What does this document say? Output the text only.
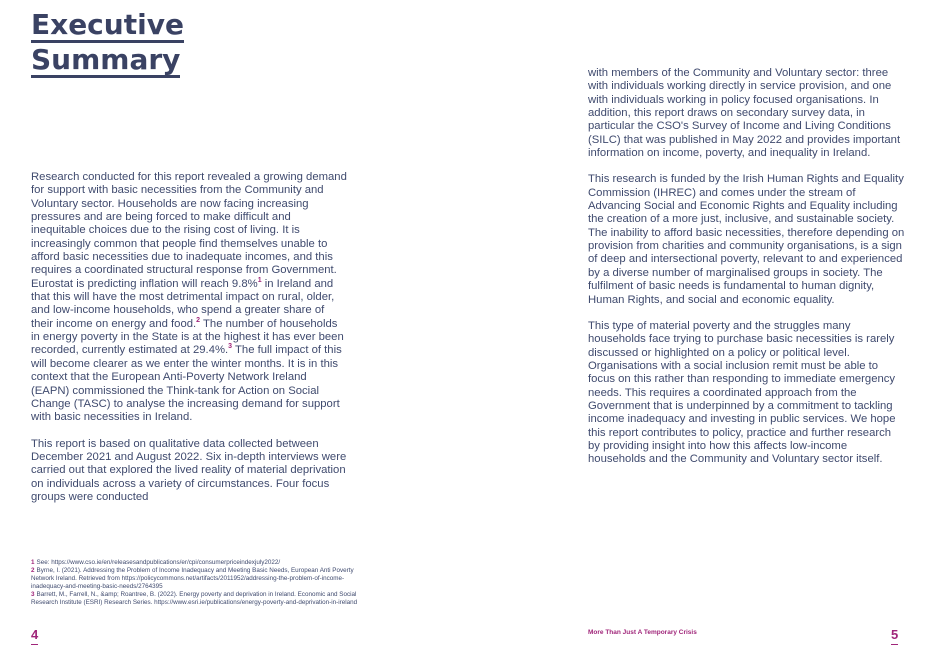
Executive
Summary

Research conducted for this report revealed a growing demand for support with basic necessities from the Community and Voluntary sector. Households are now facing increasing pressures and are being forced to make difficult and inequitable choices due to the rising cost of living. It is increasingly common that people find themselves unable to afford basic necessities due to inadequate incomes, and this requires a coordinated structural response from Government. Eurostat is predicting inflation will reach 9.8%$^1$ in Ireland and that this will have the most detrimental impact on rural, older, and low-income households, who spend a greater share of their income on energy and food.$^2$ The number of households in energy poverty in the State is at the highest it has ever been recorded, currently estimated at 29.4%.$^3$ The full impact of this will become clearer as we enter the winter months. It is in this context that the European Anti-Poverty Network Ireland (EAPN) commissioned the Think-tank for Action on Social Change (TASC) to analyse the increasing demand for support with basic necessities in Ireland.

This report is based on qualitative data collected between December 2021 and August 2022. Six in-depth interviews were carried out that explored the lived reality of material deprivation on individuals across a variety of circumstances. Four focus groups were conducted

1 See: https://www.cso.ie/en/releasesandpublications/er/cpi/consumerpriceindexjuly2022/

2 Byrne, I. (2021). Addressing the Problem of Income Inadequacy and Meeting Basic Needs, European Anti Poverty Network Ireland. Retrieved from https://policycommons.net/artifacts/2011952/addressing-the-problem-of-income-inadequacy-and-meeting-basic-needs/2764395

3 Barrett, M., Farrell, N., &amp; Roantree, B. (2022). Energy poverty and deprivation in Ireland. Economic and Social Research Institute (ESRI) Research Series. https://www.esri.ie/publications/energy-poverty-and-deprivation-in-ireland

4

with members of the Community and Voluntary sector: three with individuals working directly in service provision, and one with individuals working in policy focused organisations. In addition, this report draws on secondary survey data, in particular the CSO's Survey of Income and Living Conditions (SILC) that was published in May 2022 and provides important information on income, poverty, and inequality in Ireland.

This research is funded by the Irish Human Rights and Equality Commission (IHREC) and comes under the stream of Advancing Social and Economic Rights and Equality including the creation of a more just, inclusive, and sustainable society. The inability to afford basic necessities, therefore depending on provision from charities and community organisations, is a sign of deep and intersectional poverty, relevant to and experienced by a diverse number of marginalised groups in society. The fulfilment of basic needs is fundamental to human dignity, Human Rights, and social and economic equality.

This type of material poverty and the struggles many households face trying to purchase basic necessities is rarely discussed or highlighted on a policy or political level. Organisations with a social inclusion remit must be able to focus on this rather than responding to immediate emergency needs. This requires a coordinated approach from the Government that is underpinned by a commitment to tackling income inadequacy and investing in public services. We hope this report contributes to policy, practice and further research by providing insight into how this affects low-income households and the Community and Voluntary sector itself.

More Than Just A Temporary Crisis	5
